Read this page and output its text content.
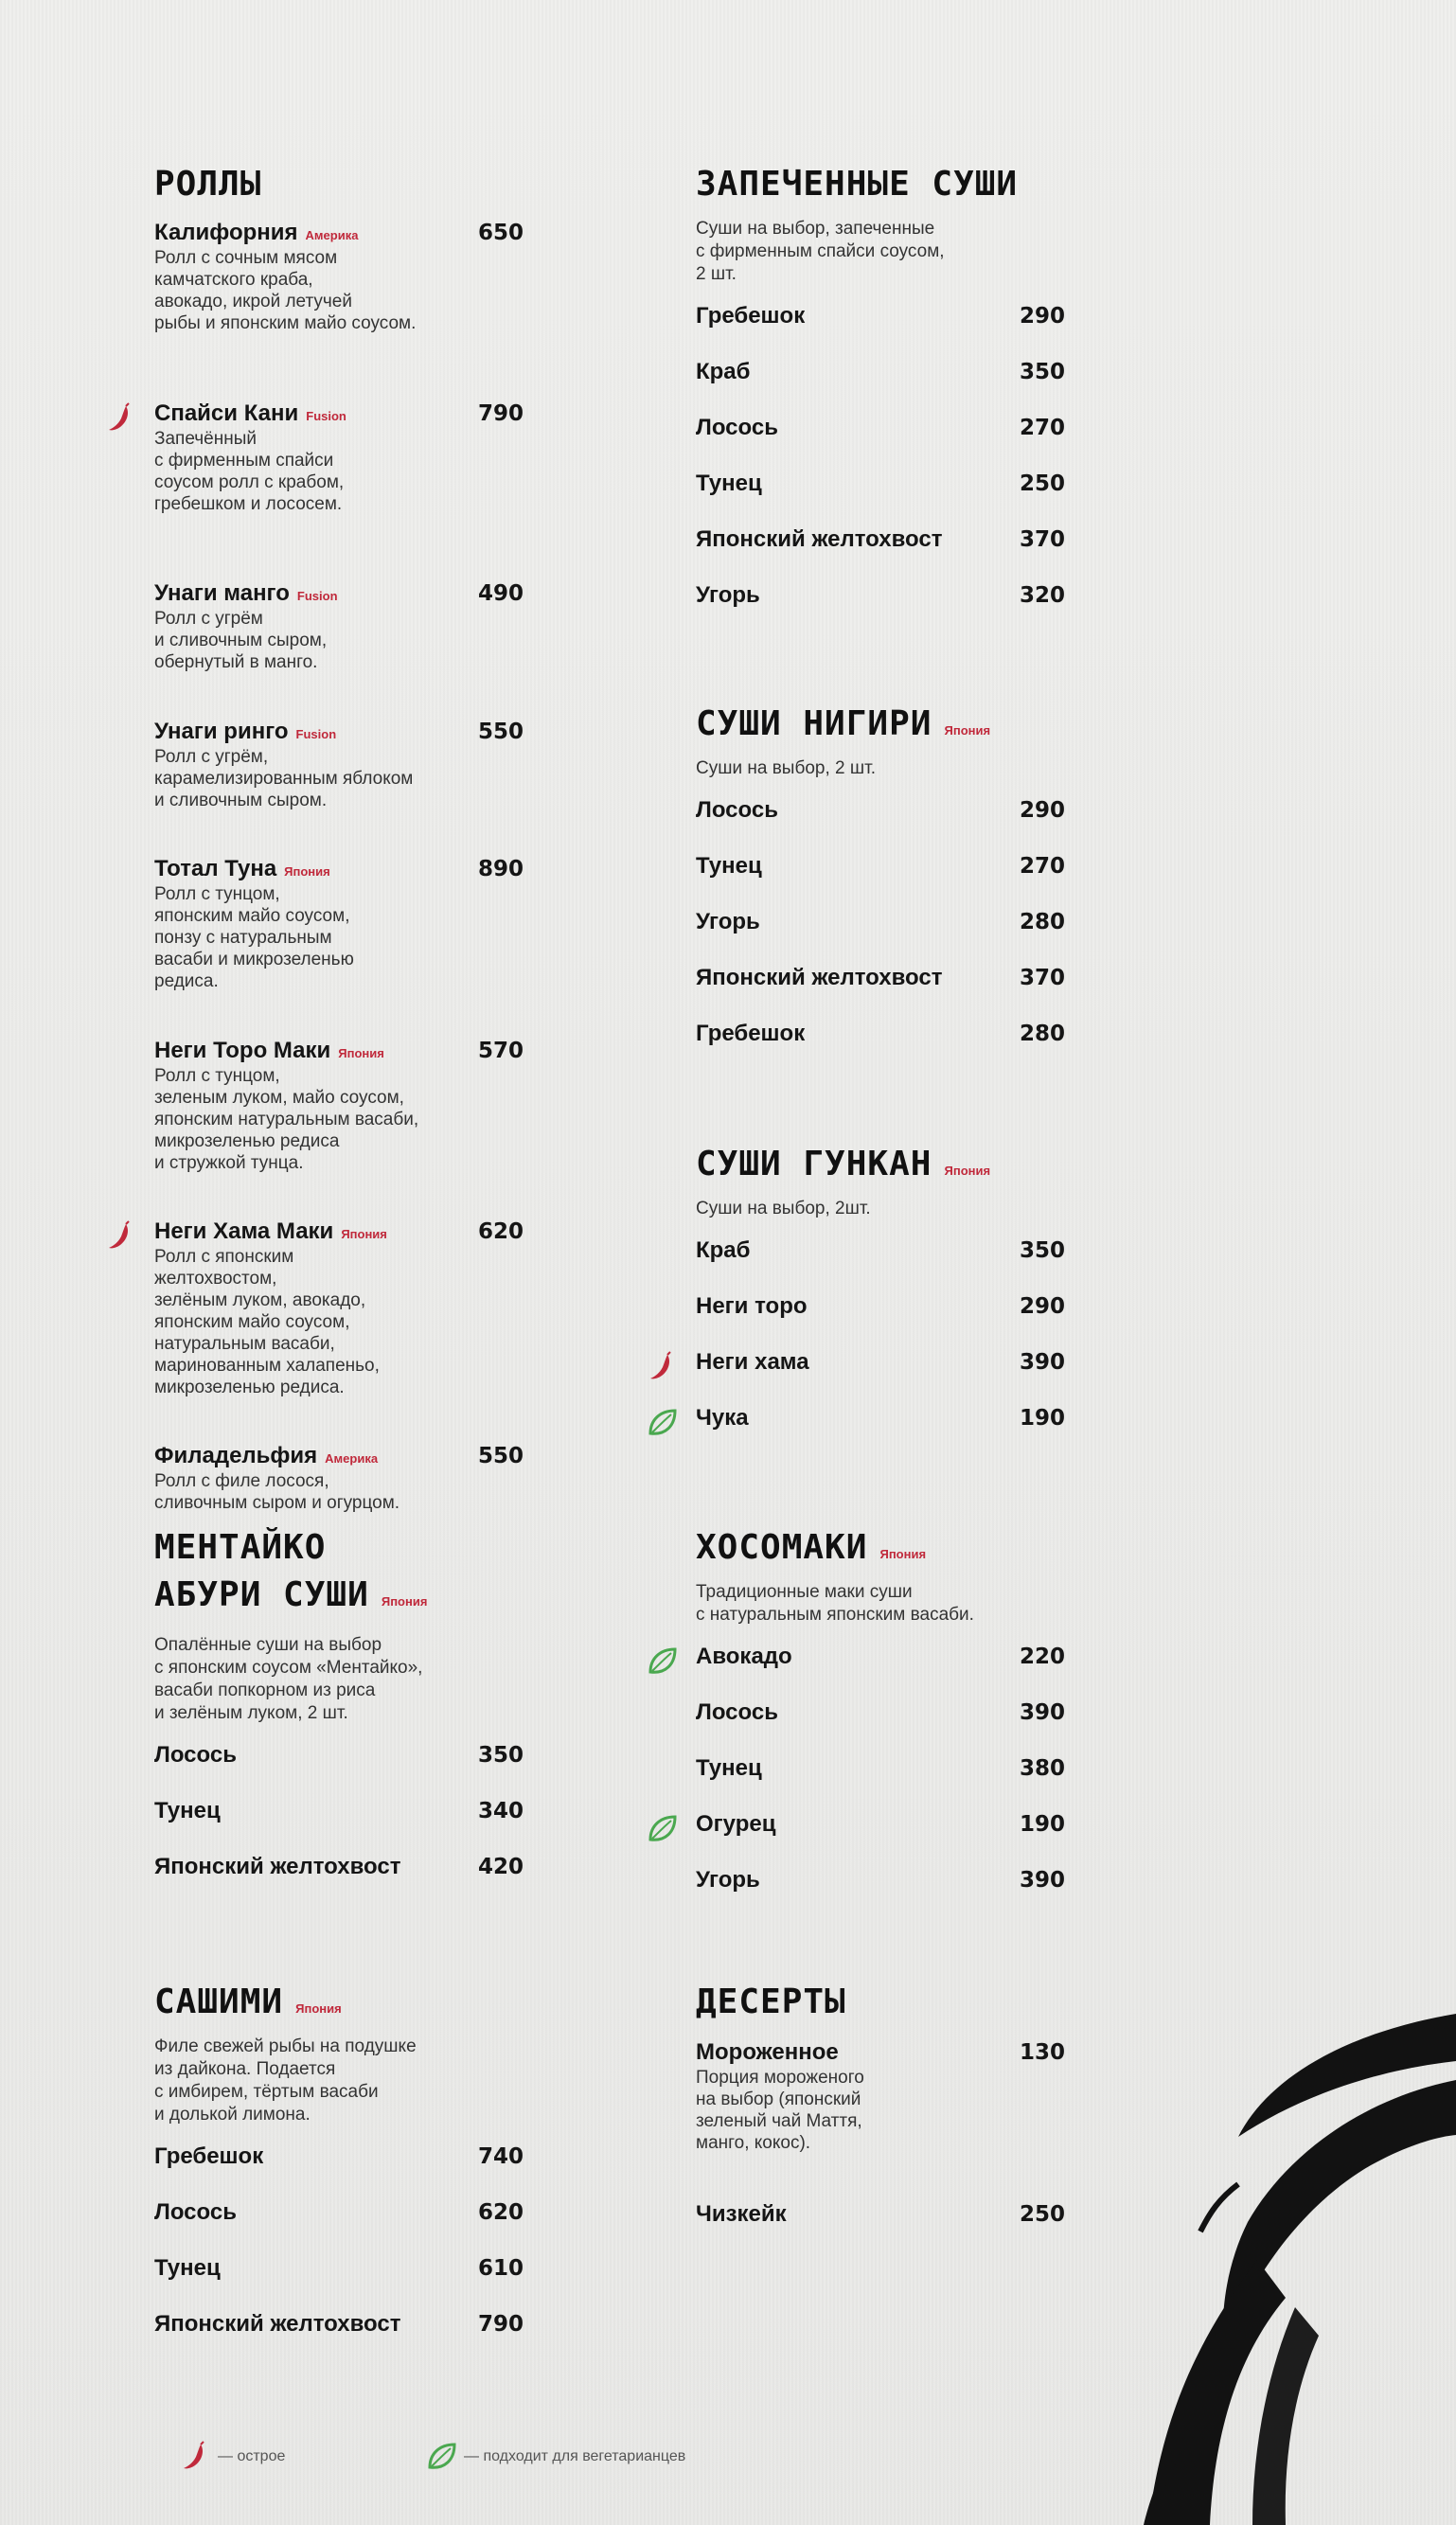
РОЛЛЫ
Калифорния Америка	650
Ролл с сочным мясом
камчатского краба,
авокадо, икрой летучей
рыбы и японским майо соусом.
Спайси Кани Fusion	790
Запечённый
с фирменным спайси
соусом ролл с крабом,
гребешком и лососем.
Унаги манго Fusion	490
Ролл с угрём
и сливочным сыром,
обернутый в манго.
Унаги ринго Fusion	550
Ролл с угрём,
карамелизированным яблоком
и сливочным сыром.
Тотал Туна Япония	890
Ролл с тунцом,
японским майо соусом,
понзу с натуральным
васаби и микрозеленью
редиса.
Неги Торо Маки Япония	570
Ролл с тунцом,
зеленым луком, майо соусом,
японским натуральным васаби,
микрозеленью редиса
и стружкой тунца.
Неги Хама Маки Япония	620
Ролл с японским
желтохвостом,
зелёным луком, авокадо,
японским майо соусом,
натуральным васаби,
маринованным халапеньо,
микрозеленью редиса.
Филадельфия Америка	550
Ролл с филе лосося,
сливочным сыром и огурцом.
МЕНТАЙКО
АБУРИ СУШИ Япония
Опалённые суши на выбор
с японским соусом «Ментайко»,
васаби попкорном из риса
и зелёным луком, 2 шт.
Лосось	350
Тунец	340
Японский желтохвост	420
САШИМИ Япония
Филе свежей рыбы на подушке
из дайкона. Подается
с имбирем, тёртым васаби
и долькой лимона.
Гребешок	740
Лосось	620
Тунец	610
Японский желтохвост	790
ЗАПЕЧЕННЫЕ СУШИ
Суши на выбор, запеченные
с фирменным спайси соусом,
2 шт.
Гребешок	290
Краб	350
Лосось	270
Тунец	250
Японский желтохвост	370
Угорь	320
СУШИ НИГИРИ Япония
Суши на выбор, 2 шт.
Лосось	290
Тунец	270
Угорь	280
Японский желтохвост	370
Гребешок	280
СУШИ ГУНКАН Япония
Суши на выбор, 2шт.
Краб	350
Неги торо	290
Неги хама	390
Чука	190
ХОСОМАКИ Япония
Традиционные маки суши
с натуральным японским васаби.
Авокадо	220
Лосось	390
Тунец	380
Огурец	190
Угорь	390
ДЕСЕРТЫ
Мороженное	130
Порция мороженого
на выбор (японский
зеленый чай Маття,
манго, кокос).
Чизкейк	250
— острое	— подходит для вегетарианцев
